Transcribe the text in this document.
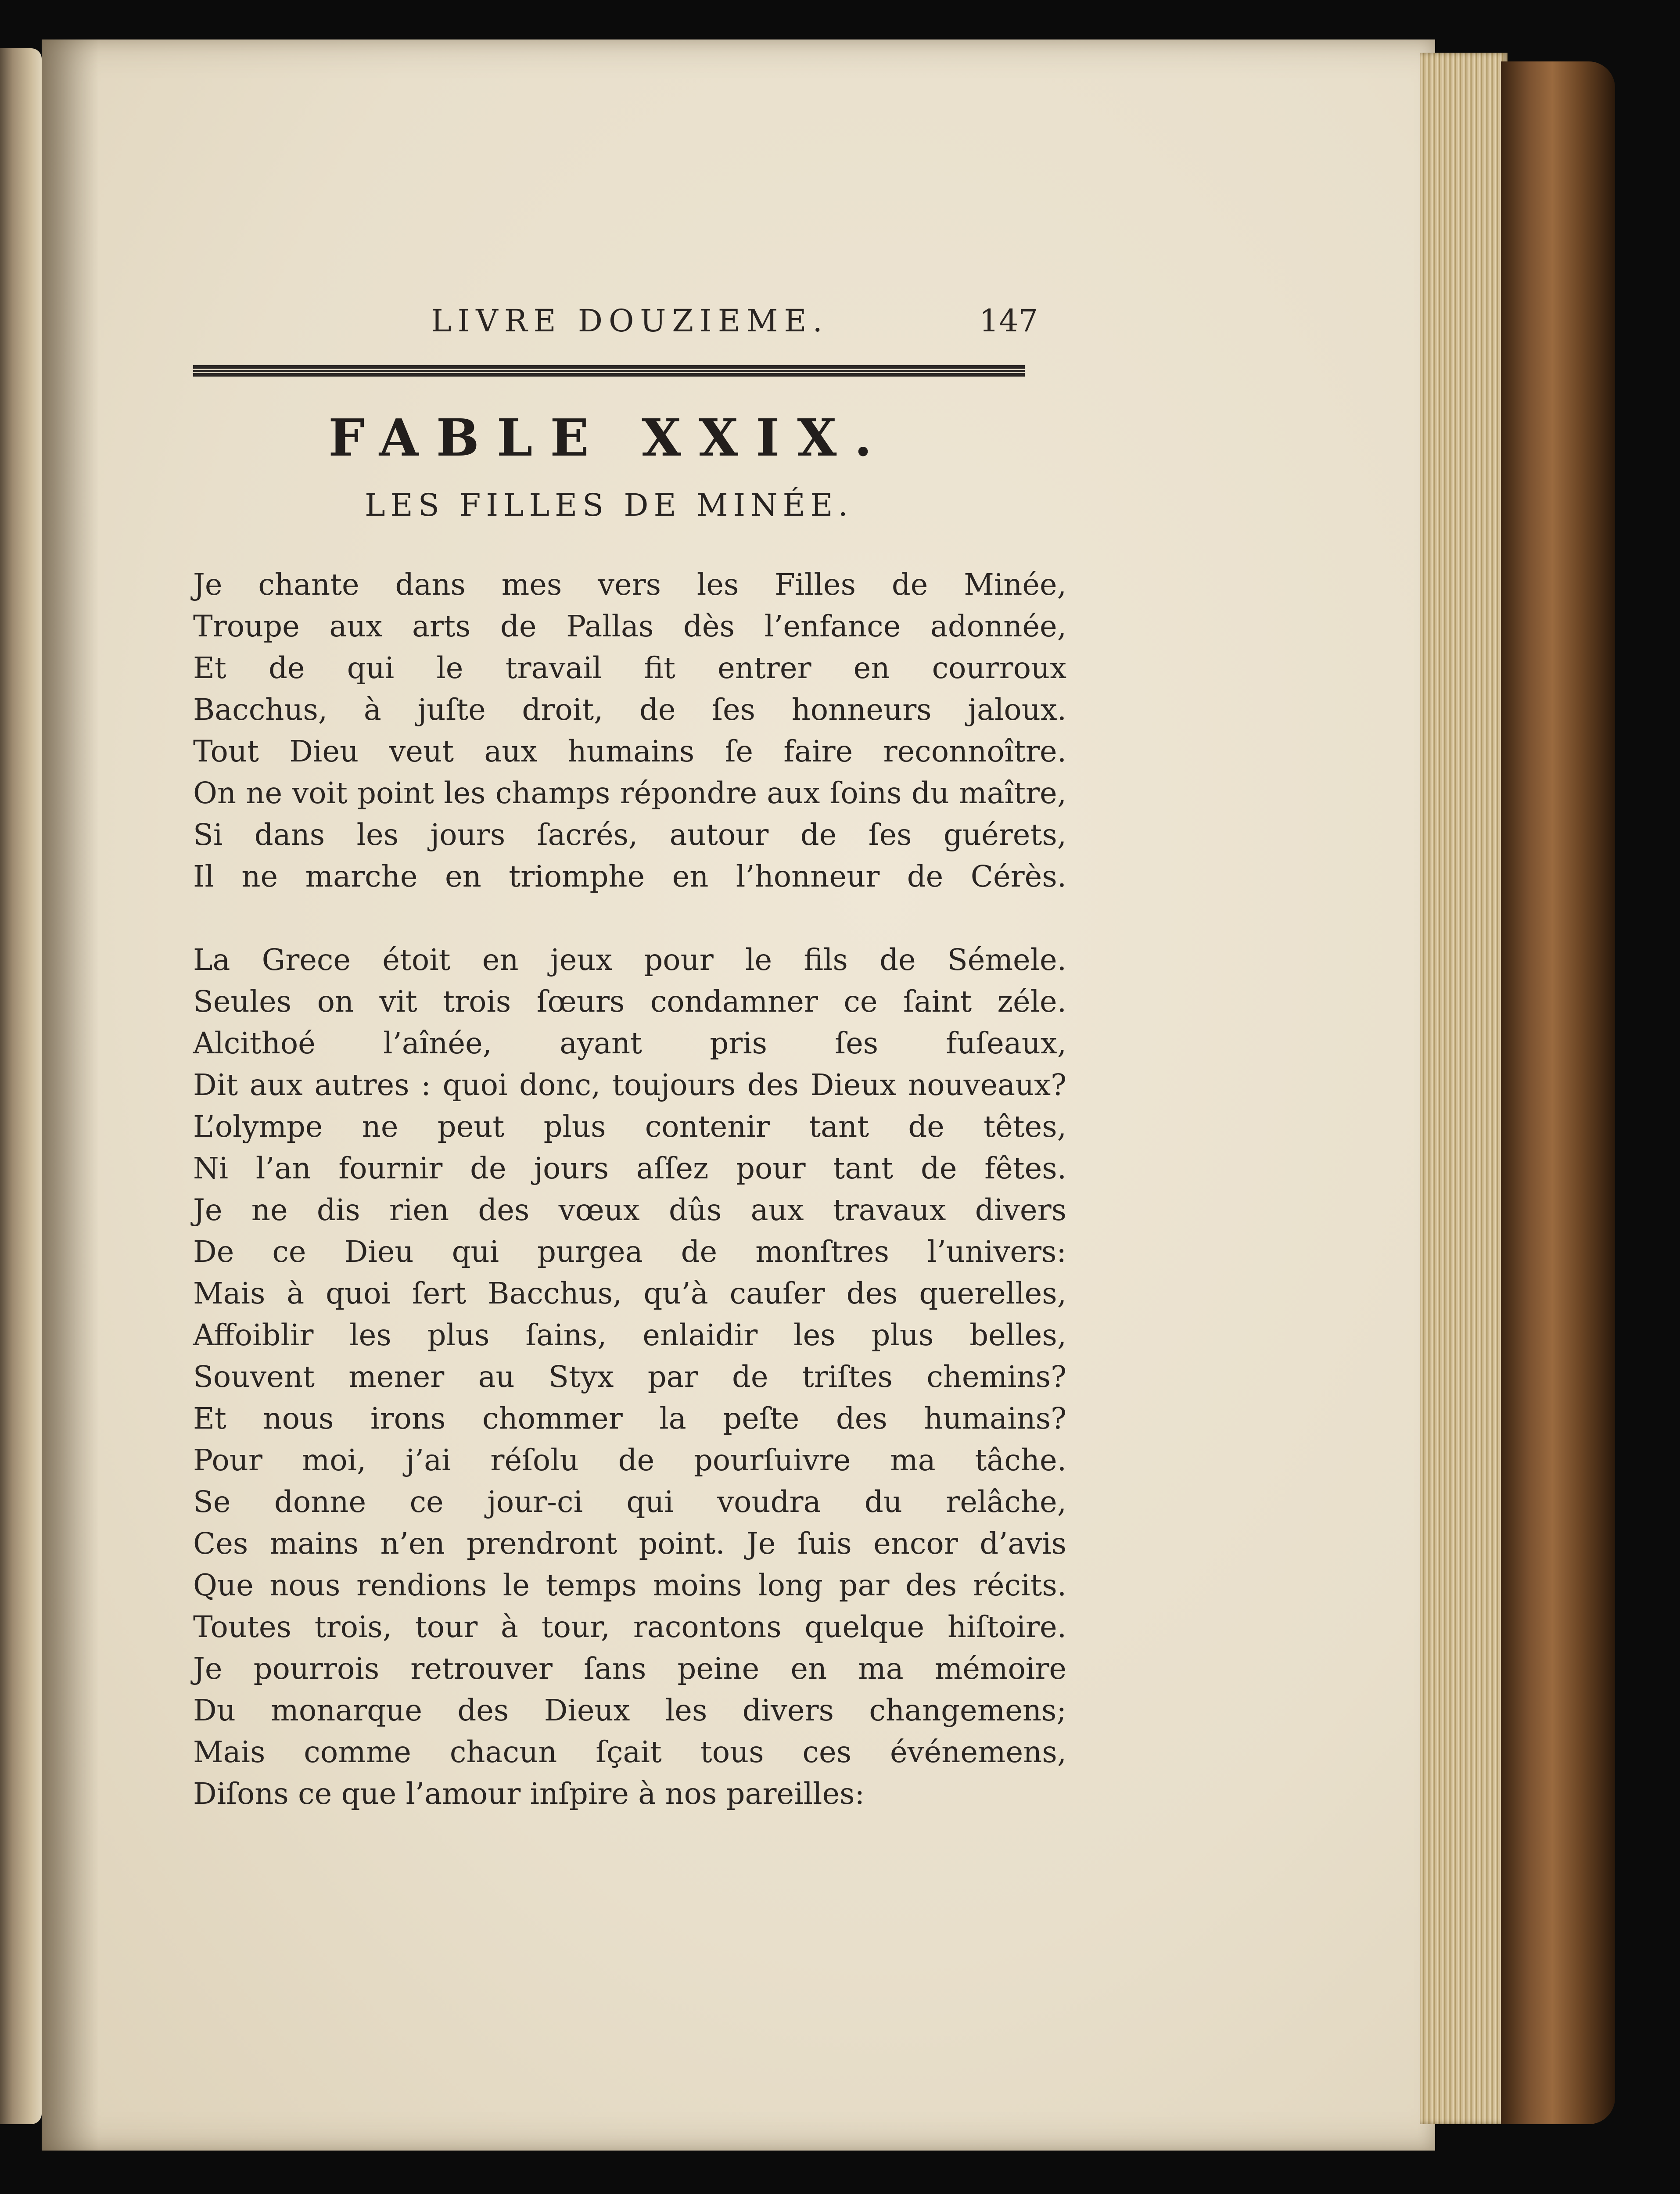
LIVRE DOUZIEME.	147
FABLE XXIX.
LES FILLES DE MINÉE.
Je chante dans mes vers les Filles de Minée,
Troupe aux arts de Pallas dès l’enfance adonnée,
Et de qui le travail fit entrer en courroux
Bacchus, à juſte droit, de ſes honneurs jaloux.
Tout Dieu veut aux humains ſe faire reconnoître.
On ne voit point les champs répondre aux ſoins du maître,
Si dans les jours ſacrés, autour de ſes guérets,
Il ne marche en triomphe en l’honneur de Cérès.
La Grece étoit en jeux pour le fils de Sémele.
Seules on vit trois ſœurs condamner ce ſaint zéle.
Alcithoé l’aînée, ayant pris ſes fuſeaux,
Dit aux autres : quoi donc, toujours des Dieux nouveaux?
L’olympe ne peut plus contenir tant de têtes,
Ni l’an fournir de jours aſſez pour tant de fêtes.
Je ne dis rien des vœux dûs aux travaux divers
De ce Dieu qui purgea de monſtres l’univers:
Mais à quoi ſert Bacchus, qu’à cauſer des querelles,
Affoiblir les plus ſains, enlaidir les plus belles,
Souvent mener au Styx par de triſtes chemins?
Et nous irons chommer la peſte des humains?
Pour moi, j’ai réſolu de pourſuivre ma tâche.
Se donne ce jour-ci qui voudra du relâche,
Ces mains n’en prendront point. Je ſuis encor d’avis
Que nous rendions le temps moins long par des récits.
Toutes trois, tour à tour, racontons quelque hiſtoire.
Je pourrois retrouver ſans peine en ma mémoire
Du monarque des Dieux les divers changemens;
Mais comme chacun ſçait tous ces événemens,
Diſons ce que l’amour inſpire à nos pareilles:
